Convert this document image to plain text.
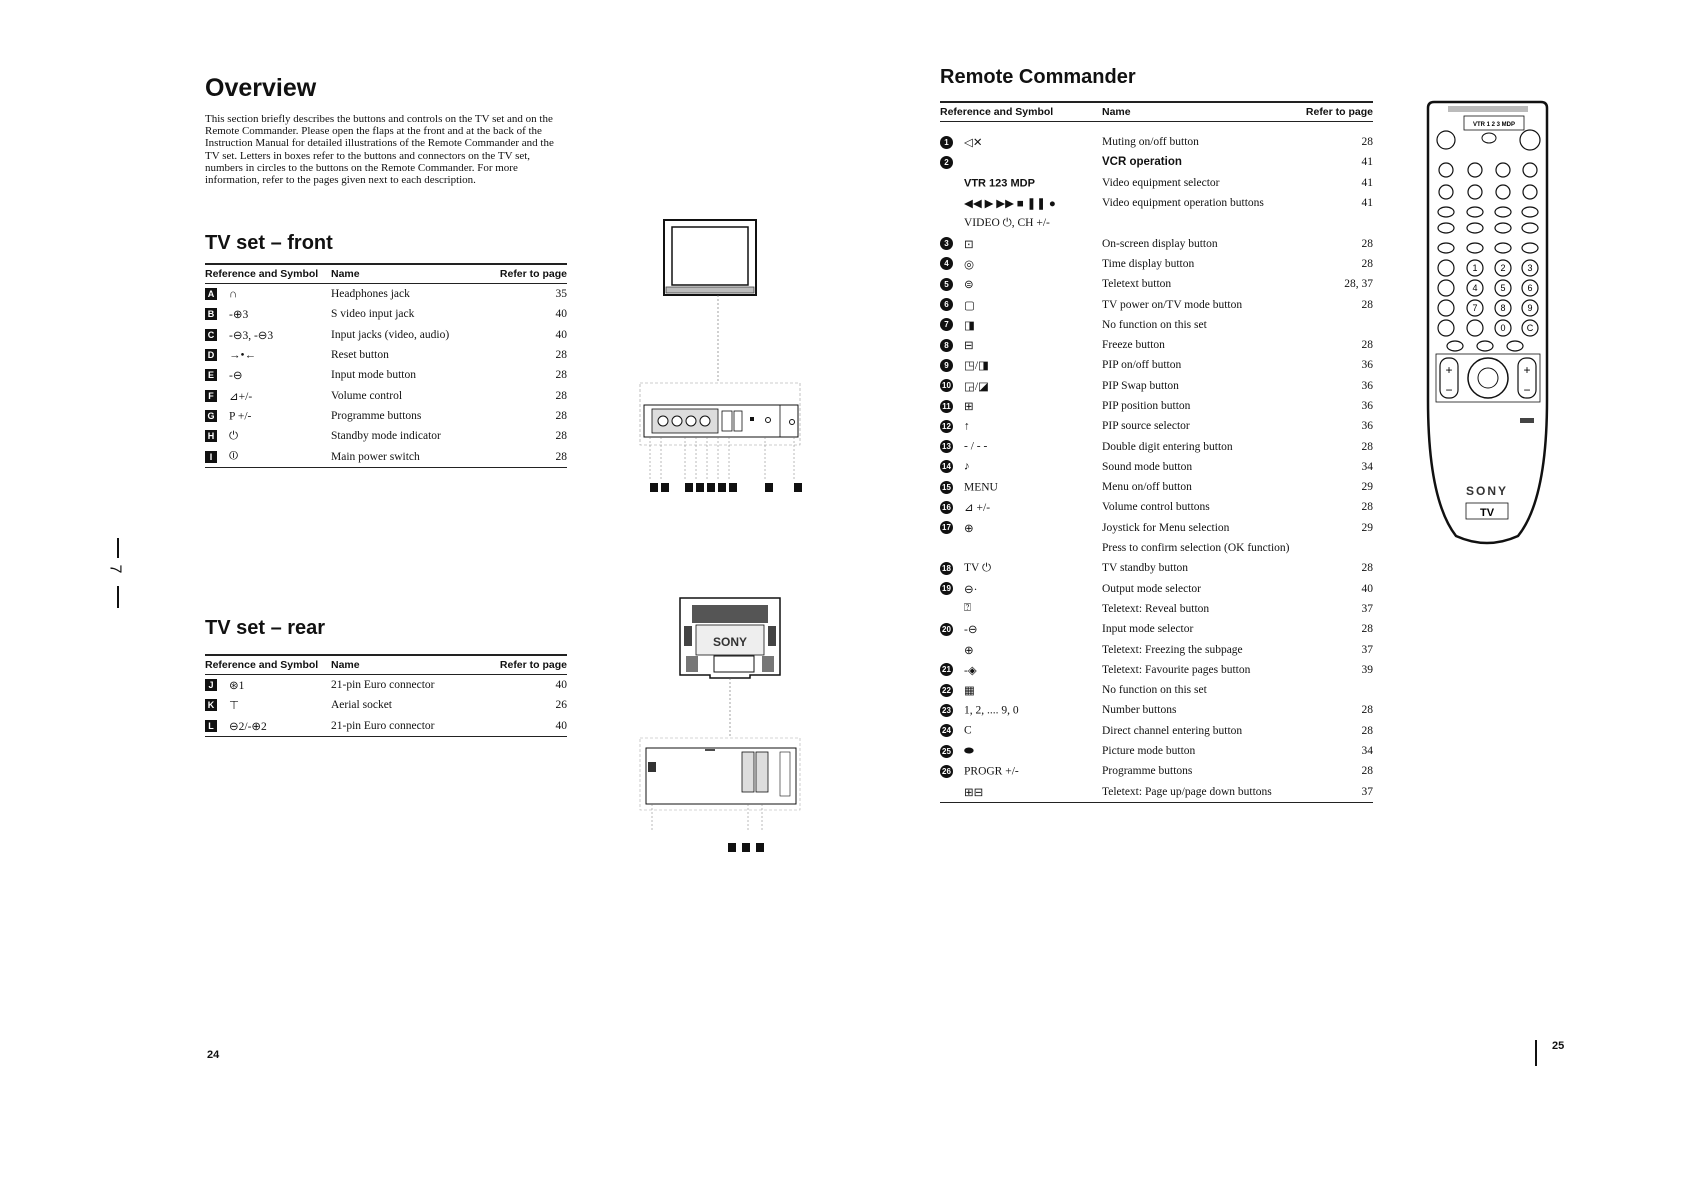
Overview

This section briefly describes the buttons and controls on the TV set and on the Remote Commander. Please open the flaps at the front and at the back of the Instruction Manual for detailed illustrations of the Remote Commander and the TV set. Letters in boxes refer to the buttons and connectors on the TV set, numbers in circles to the buttons on the Remote Commander. For more information, refer to the pages given next to each description.

TV set – front
Reference and Symbol	Name	Refer to page
A ∩	Headphones jack	35
B -⊕3	S video input jack	40
C -⊖3, -⊖3	Input jacks (video, audio)	40
D →•←	Reset button	28
E -⊖	Input mode button	28
F ⊿+/-	Volume control	28
G P +/-	Programme buttons	28
H ⏻	Standby mode indicator	28
I ⏼	Main power switch	28
TV set – rear
Reference and Symbol	Name	Refer to page
J ⊛1	21-pin Euro connector	40
K ⊤	Aerial socket	26
L ⊖2/-⊕2	21-pin Euro connector	40
7
24
SONY
Remote Commander
Reference and Symbol	Name	Refer to page

1 ◁✕	Muting on/off button	28
2	VCR operation	41
VTR 123 MDP	Video equipment selector	41
◀◀ ▶ ▶▶ ■ ❚❚ ●	Video equipment operation buttons	41
VIDEO ⏻, CH +/-		
3 ⊡	On-screen display button	28
4 ◎	Time display button	28
5 ⊜	Teletext button	28, 37
6 ▢	TV power on/TV mode button	28
7 ◨	No function on this set	
8 ⊟	Freeze button	28
9 ◳/◨	PIP on/off button	36
10 ◲/◪	PIP Swap button	36
11 ⊞	PIP position button	36
12 ↑	PIP source selector	36
13 - / - -	Double digit entering button	28
14 ♪	Sound mode button	34
15 MENU	Menu on/off button	29
16 ⊿ +/-	Volume control buttons	28
17 ⊕	Joystick for Menu selection	29
	Press to confirm selection (OK function)	
18 TV ⏻	TV standby button	28
19 ⊖·	Output mode selector	40
⍰	Teletext: Reveal button	37
20 -⊖	Input mode selector	28
⊕	Teletext: Freezing the subpage	37
21 -◈	Teletext: Favourite pages button	39
22 ▦	No function on this set	
23 1, 2, .... 9, 0	Number buttons	28
24 C	Direct channel entering button	28
25 ⬬	Picture mode button	34
26 PROGR +/-	Programme buttons	28
⊞⊟	Teletext: Page up/page down buttons	37
VTR 1 2 3 MDP
1	2 3
4	5 6
7	8 9
0 C
+	+
−	−
SONY
TV
25
